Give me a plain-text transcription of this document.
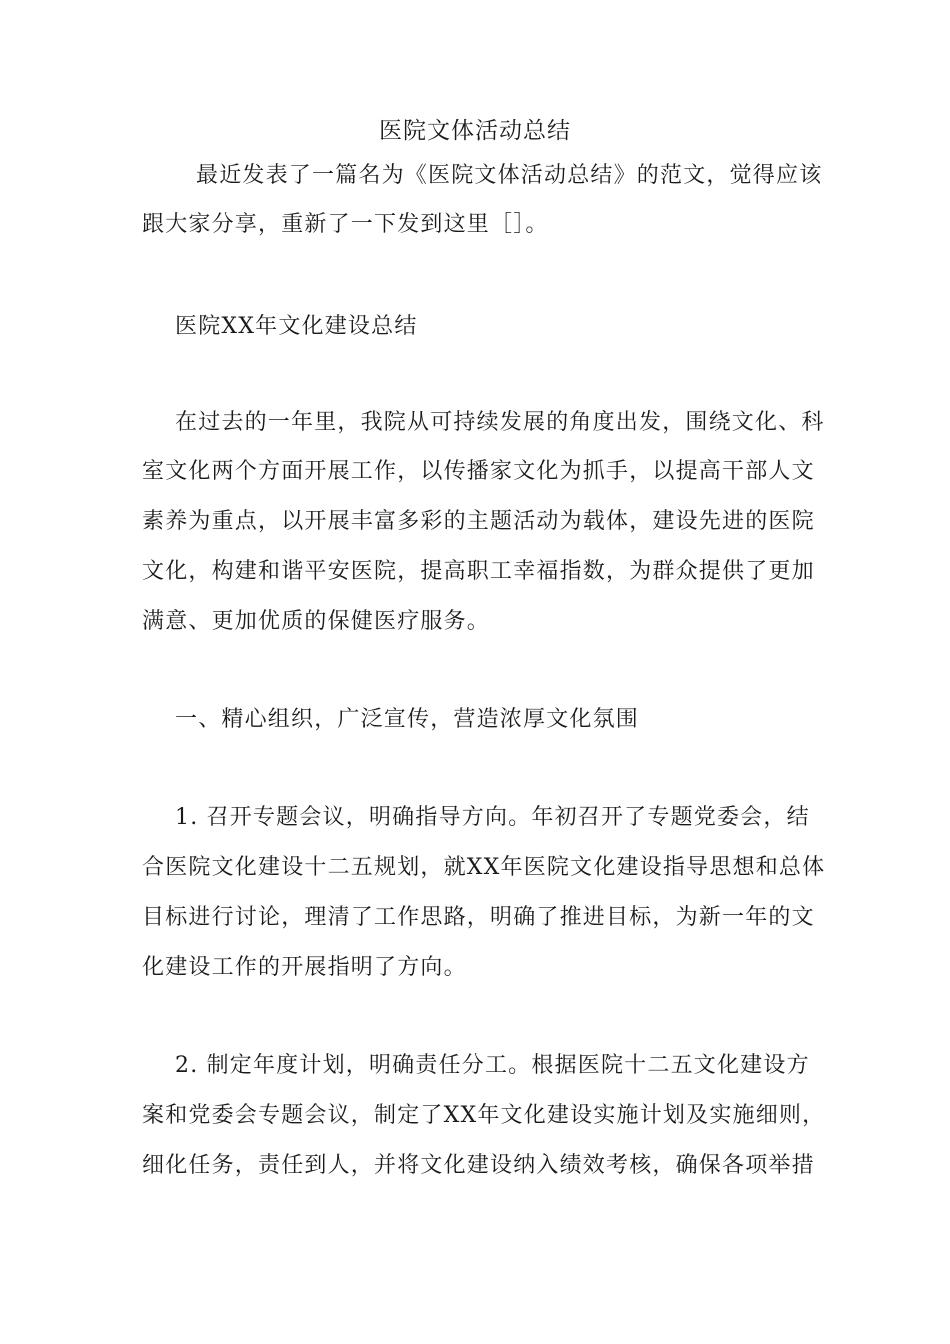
医院文体活动总结
最近发表了一篇名为《医院文体活动总结》的范文，觉得应该
跟大家分享，重新了一下发到这里［］。
医院XX年文化建设总结
在过去的一年里，我院从可持续发展的角度出发，围绕文化、科
室文化两个方面开展工作，以传播家文化为抓手，以提高干部人文
素养为重点，以开展丰富多彩的主题活动为载体，建设先进的医院
文化，构建和谐平安医院，提高职工幸福指数，为群众提供了更加
满意、更加优质的保健医疗服务。
一、精心组织，广泛宣传，营造浓厚文化氛围
1. 召开专题会议，明确指导方向。年初召开了专题党委会，结
合医院文化建设十二五规划，就XX年医院文化建设指导思想和总体
目标进行讨论，理清了工作思路，明确了推进目标，为新一年的文
化建设工作的开展指明了方向。
2. 制定年度计划，明确责任分工。根据医院十二五文化建设方
案和党委会专题会议，制定了XX年文化建设实施计划及实施细则，
细化任务，责任到人，并将文化建设纳入绩效考核，确保各项举措
